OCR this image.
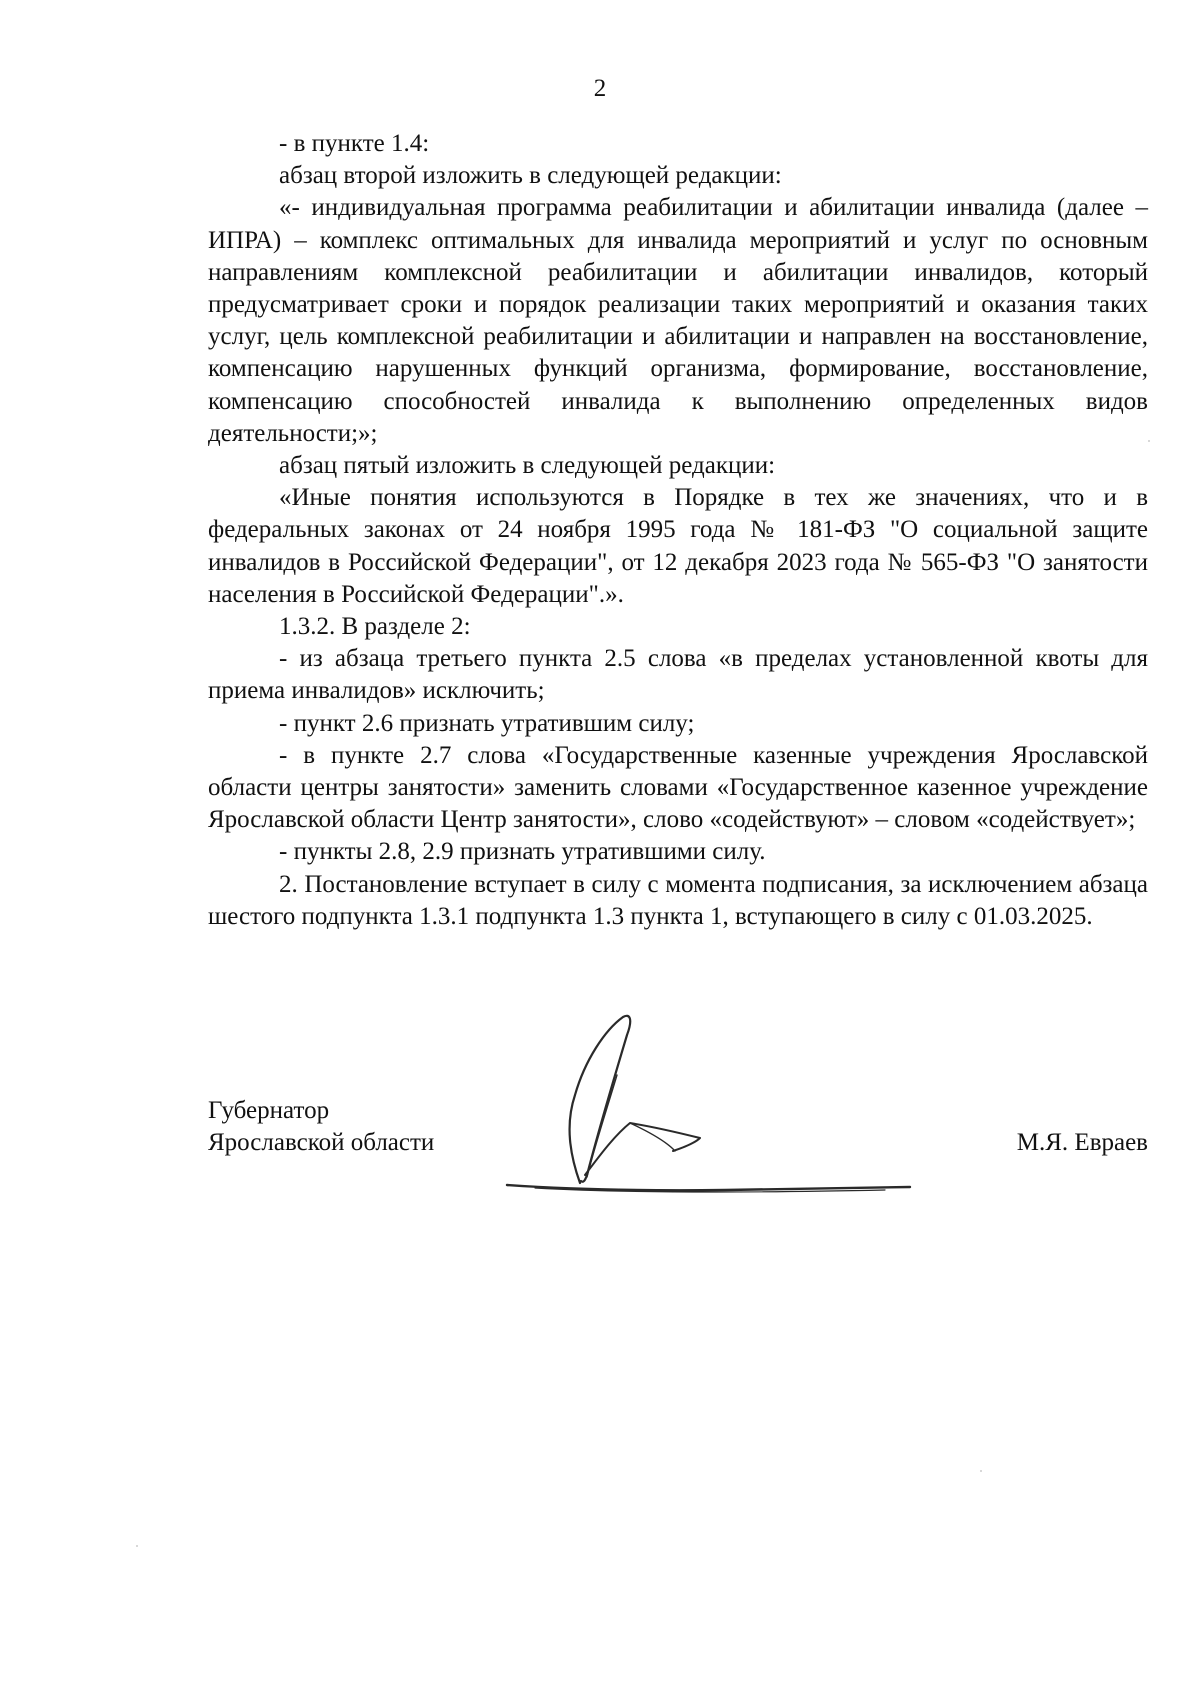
2

- в пункте 1.4:

абзац второй изложить в следующей редакции:

«- индивидуальная программа реабилитации и абилитации инвалида (далее – ИПРА) – комплекс оптимальных для инвалида мероприятий и услуг по основным направлениям комплексной реабилитации и абилитации инвалидов, который предусматривает сроки и порядок реализации таких мероприятий и оказания таких услуг, цель комплексной реабилитации и абилитации и направлен на восстановление, компенсацию нарушенных функций организма, формирование, восстановление, компенсацию способностей инвалида к выполнению определенных видов деятельности;»;

абзац пятый изложить в следующей редакции:

«Иные понятия используются в Порядке в тех же значениях, что и в федеральных законах от 24 ноября 1995 года № 181-ФЗ "О социальной защите инвалидов в Российской Федерации", от 12 декабря 2023 года № 565-ФЗ "О занятости населения в Российской Федерации".».

1.3.2. В разделе 2:

- из абзаца третьего пункта 2.5 слова «в пределах установленной квоты для приема инвалидов» исключить;

- пункт 2.6 признать утратившим силу;

- в пункте 2.7 слова «Государственные казенные учреждения Ярославской области центры занятости» заменить словами «Государственное казенное учреждение Ярославской области Центр занятости», слово «содействуют» – словом «содействует»;

- пункты 2.8, 2.9 признать утратившими силу.

2. Постановление вступает в силу с момента подписания, за исключением абзаца шестого подпункта 1.3.1 подпункта 1.3 пункта 1, вступающего в силу с 01.03.2025.

Губернатор
Ярославской области	М.Я. Евраев
